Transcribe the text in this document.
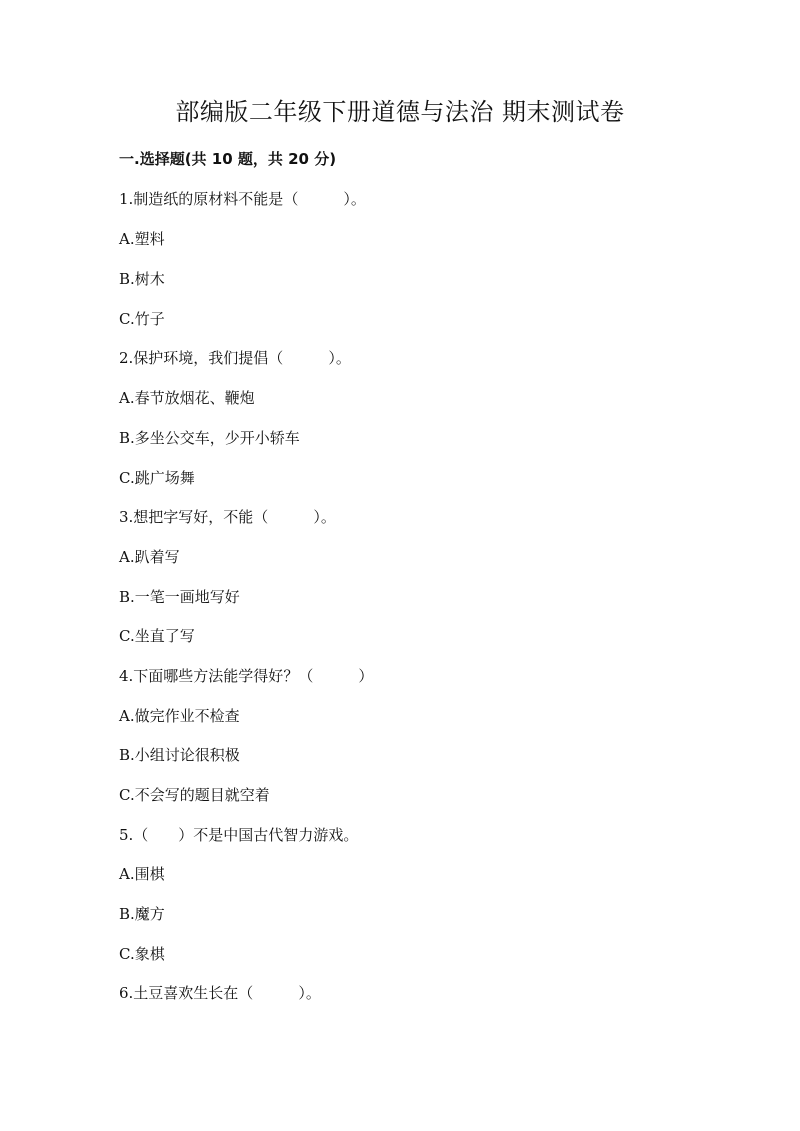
部编版二年级下册道德与法治 期末测试卷
一.选择题(共 10 题，共 20 分)
1.制造纸的原材料不能是（　　　）。
A.塑料
B.树木
C.竹子
2.保护环境，我们提倡（　　　）。
A.春节放烟花、鞭炮
B.多坐公交车，少开小轿车
C.跳广场舞
3.想把字写好，不能（　　　）。
A.趴着写
B.一笔一画地写好
C.坐直了写
4.下面哪些方法能学得好？（　　　）
A.做完作业不检查
B.小组讨论很积极
C.不会写的题目就空着
5.（　　）不是中国古代智力游戏。
A.围棋
B.魔方
C.象棋
6.土豆喜欢生长在（　　　）。
